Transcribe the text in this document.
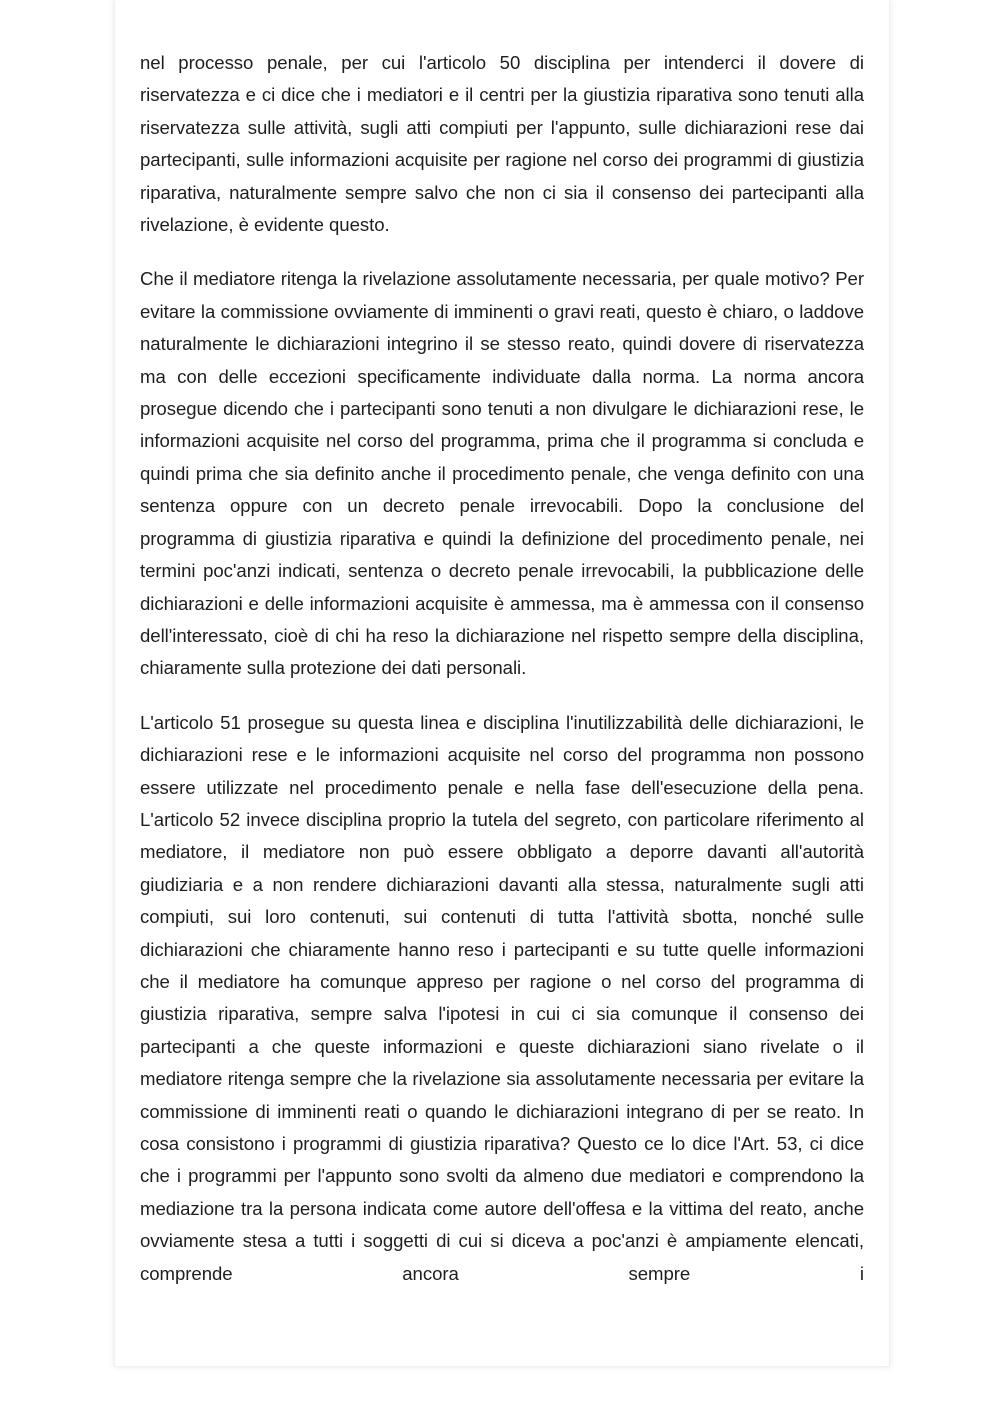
nel processo penale, per cui l'articolo 50 disciplina per intenderci il dovere di riservatezza e ci dice che i mediatori e il centri per la giustizia riparativa sono tenuti alla riservatezza sulle attività, sugli atti compiuti per l'appunto, sulle dichiarazioni rese dai partecipanti, sulle informazioni acquisite per ragione nel corso dei programmi di giustizia riparativa, naturalmente sempre salvo che non ci sia il consenso dei partecipanti alla rivelazione, è evidente questo.

Che il mediatore ritenga la rivelazione assolutamente necessaria, per quale motivo? Per evitare la commissione ovviamente di imminenti o gravi reati, questo è chiaro, o laddove naturalmente le dichiarazioni integrino il se stesso reato, quindi dovere di riservatezza ma con delle eccezioni specificamente individuate dalla norma. La norma ancora prosegue dicendo che i partecipanti sono tenuti a non divulgare le dichiarazioni rese, le informazioni acquisite nel corso del programma, prima che il programma si concluda e quindi prima che sia definito anche il procedimento penale, che venga definito con una sentenza oppure con un decreto penale irrevocabili. Dopo la conclusione del programma di giustizia riparativa e quindi la definizione del procedimento penale, nei termini poc'anzi indicati, sentenza o decreto penale irrevocabili, la pubblicazione delle dichiarazioni e delle informazioni acquisite è ammessa, ma è ammessa con il consenso dell'interessato, cioè di chi ha reso la dichiarazione nel rispetto sempre della disciplina, chiaramente sulla protezione dei dati personali.

L'articolo 51 prosegue su questa linea e disciplina l'inutilizzabilità delle dichiarazioni, le dichiarazioni rese e le informazioni acquisite nel corso del programma non possono essere utilizzate nel procedimento penale e nella fase dell'esecuzione della pena. L'articolo 52 invece disciplina proprio la tutela del segreto, con particolare riferimento al mediatore, il mediatore non può essere obbligato a deporre davanti all'autorità giudiziaria e a non rendere dichiarazioni davanti alla stessa, naturalmente sugli atti compiuti, sui loro contenuti, sui contenuti di tutta l'attività sbotta, nonché sulle dichiarazioni che chiaramente hanno reso i partecipanti e su tutte quelle informazioni che il mediatore ha comunque appreso per ragione o nel corso del programma di giustizia riparativa, sempre salva l'ipotesi in cui ci sia comunque il consenso dei partecipanti a che queste informazioni e queste dichiarazioni siano rivelate o il mediatore ritenga sempre che la rivelazione sia assolutamente necessaria per evitare la commissione di imminenti reati o quando le dichiarazioni integrano di per se reato. In cosa consistono i programmi di giustizia riparativa? Questo ce lo dice l'Art. 53, ci dice che i programmi per l'appunto sono svolti da almeno due mediatori e comprendono la mediazione tra la persona indicata come autore dell'offesa e la vittima del reato, anche ovviamente stesa a tutti i soggetti di cui si diceva a poc'anzi è ampiamente elencati, comprende ancora sempre i
